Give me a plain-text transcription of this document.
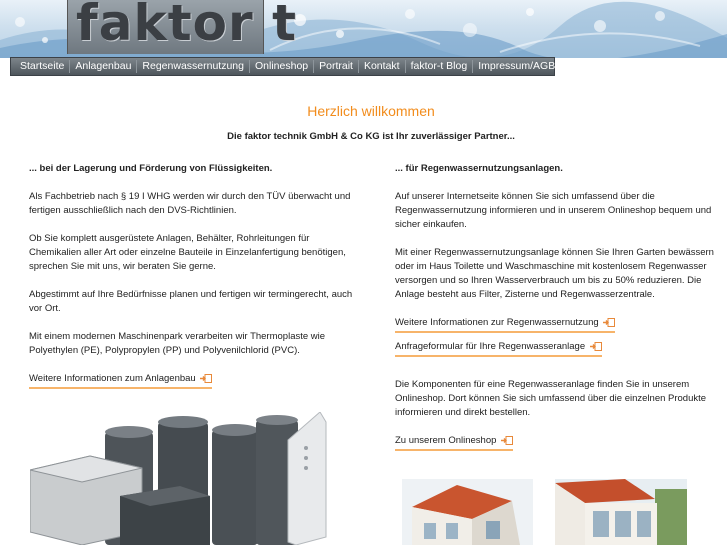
faktor t
Startseite	Anlagenbau	Regenwassernutzung	Onlineshop	Portrait	Kontakt	faktor-t Blog	Impressum/AGB
Herzlich willkommen
Die faktor technik GmbH & Co KG ist Ihr zuverlässiger Partner...
... bei der Lagerung und Förderung von Flüssigkeiten.

Als Fachbetrieb nach § 19 I WHG werden wir durch den TÜV überwacht und fertigen ausschließlich nach den DVS-Richtlinien.

Ob Sie komplett ausgerüstete Anlagen, Behälter, Rohrleitungen für Chemikalien aller Art oder einzelne Bauteile in Einzelanfertigung benötigen, sprechen Sie mit uns, wir beraten Sie gerne.

Abgestimmt auf Ihre Bedürfnisse planen und fertigen wir termingerecht, auch vor Ort.

Mit einem modernen Maschinenpark verarbeiten wir Thermoplaste wie Polyethylen (PE), Polypropylen (PP) und Polyvenilchlorid (PVC).

Weitere Informationen zum Anlagenbau
... für Regenwassernutzungsanlagen.

Auf unserer Internetseite können Sie sich umfassend über die Regenwassernutzung informieren und in unserem Onlineshop bequem und sicher einkaufen.

Mit einer Regenwassernutzungsanlage können Sie Ihren Garten bewässern oder im Haus Toilette und Waschmaschine mit kostenlosem Regenwasser versorgen und so Ihren Wasserverbrauch um bis zu 50% reduzieren. Die Anlage besteht aus Filter, Zisterne und Regenwasserzentrale.

Weitere Informationen zur Regenwassernutzung

Anfrageformular für Ihre Regenwasseranlage

Die Komponenten für eine Regenwasseranlage finden Sie in unserem Onlineshop. Dort können Sie sich umfassend über die einzelnen Produkte informieren und direkt bestellen.

Zu unserem Onlineshop
